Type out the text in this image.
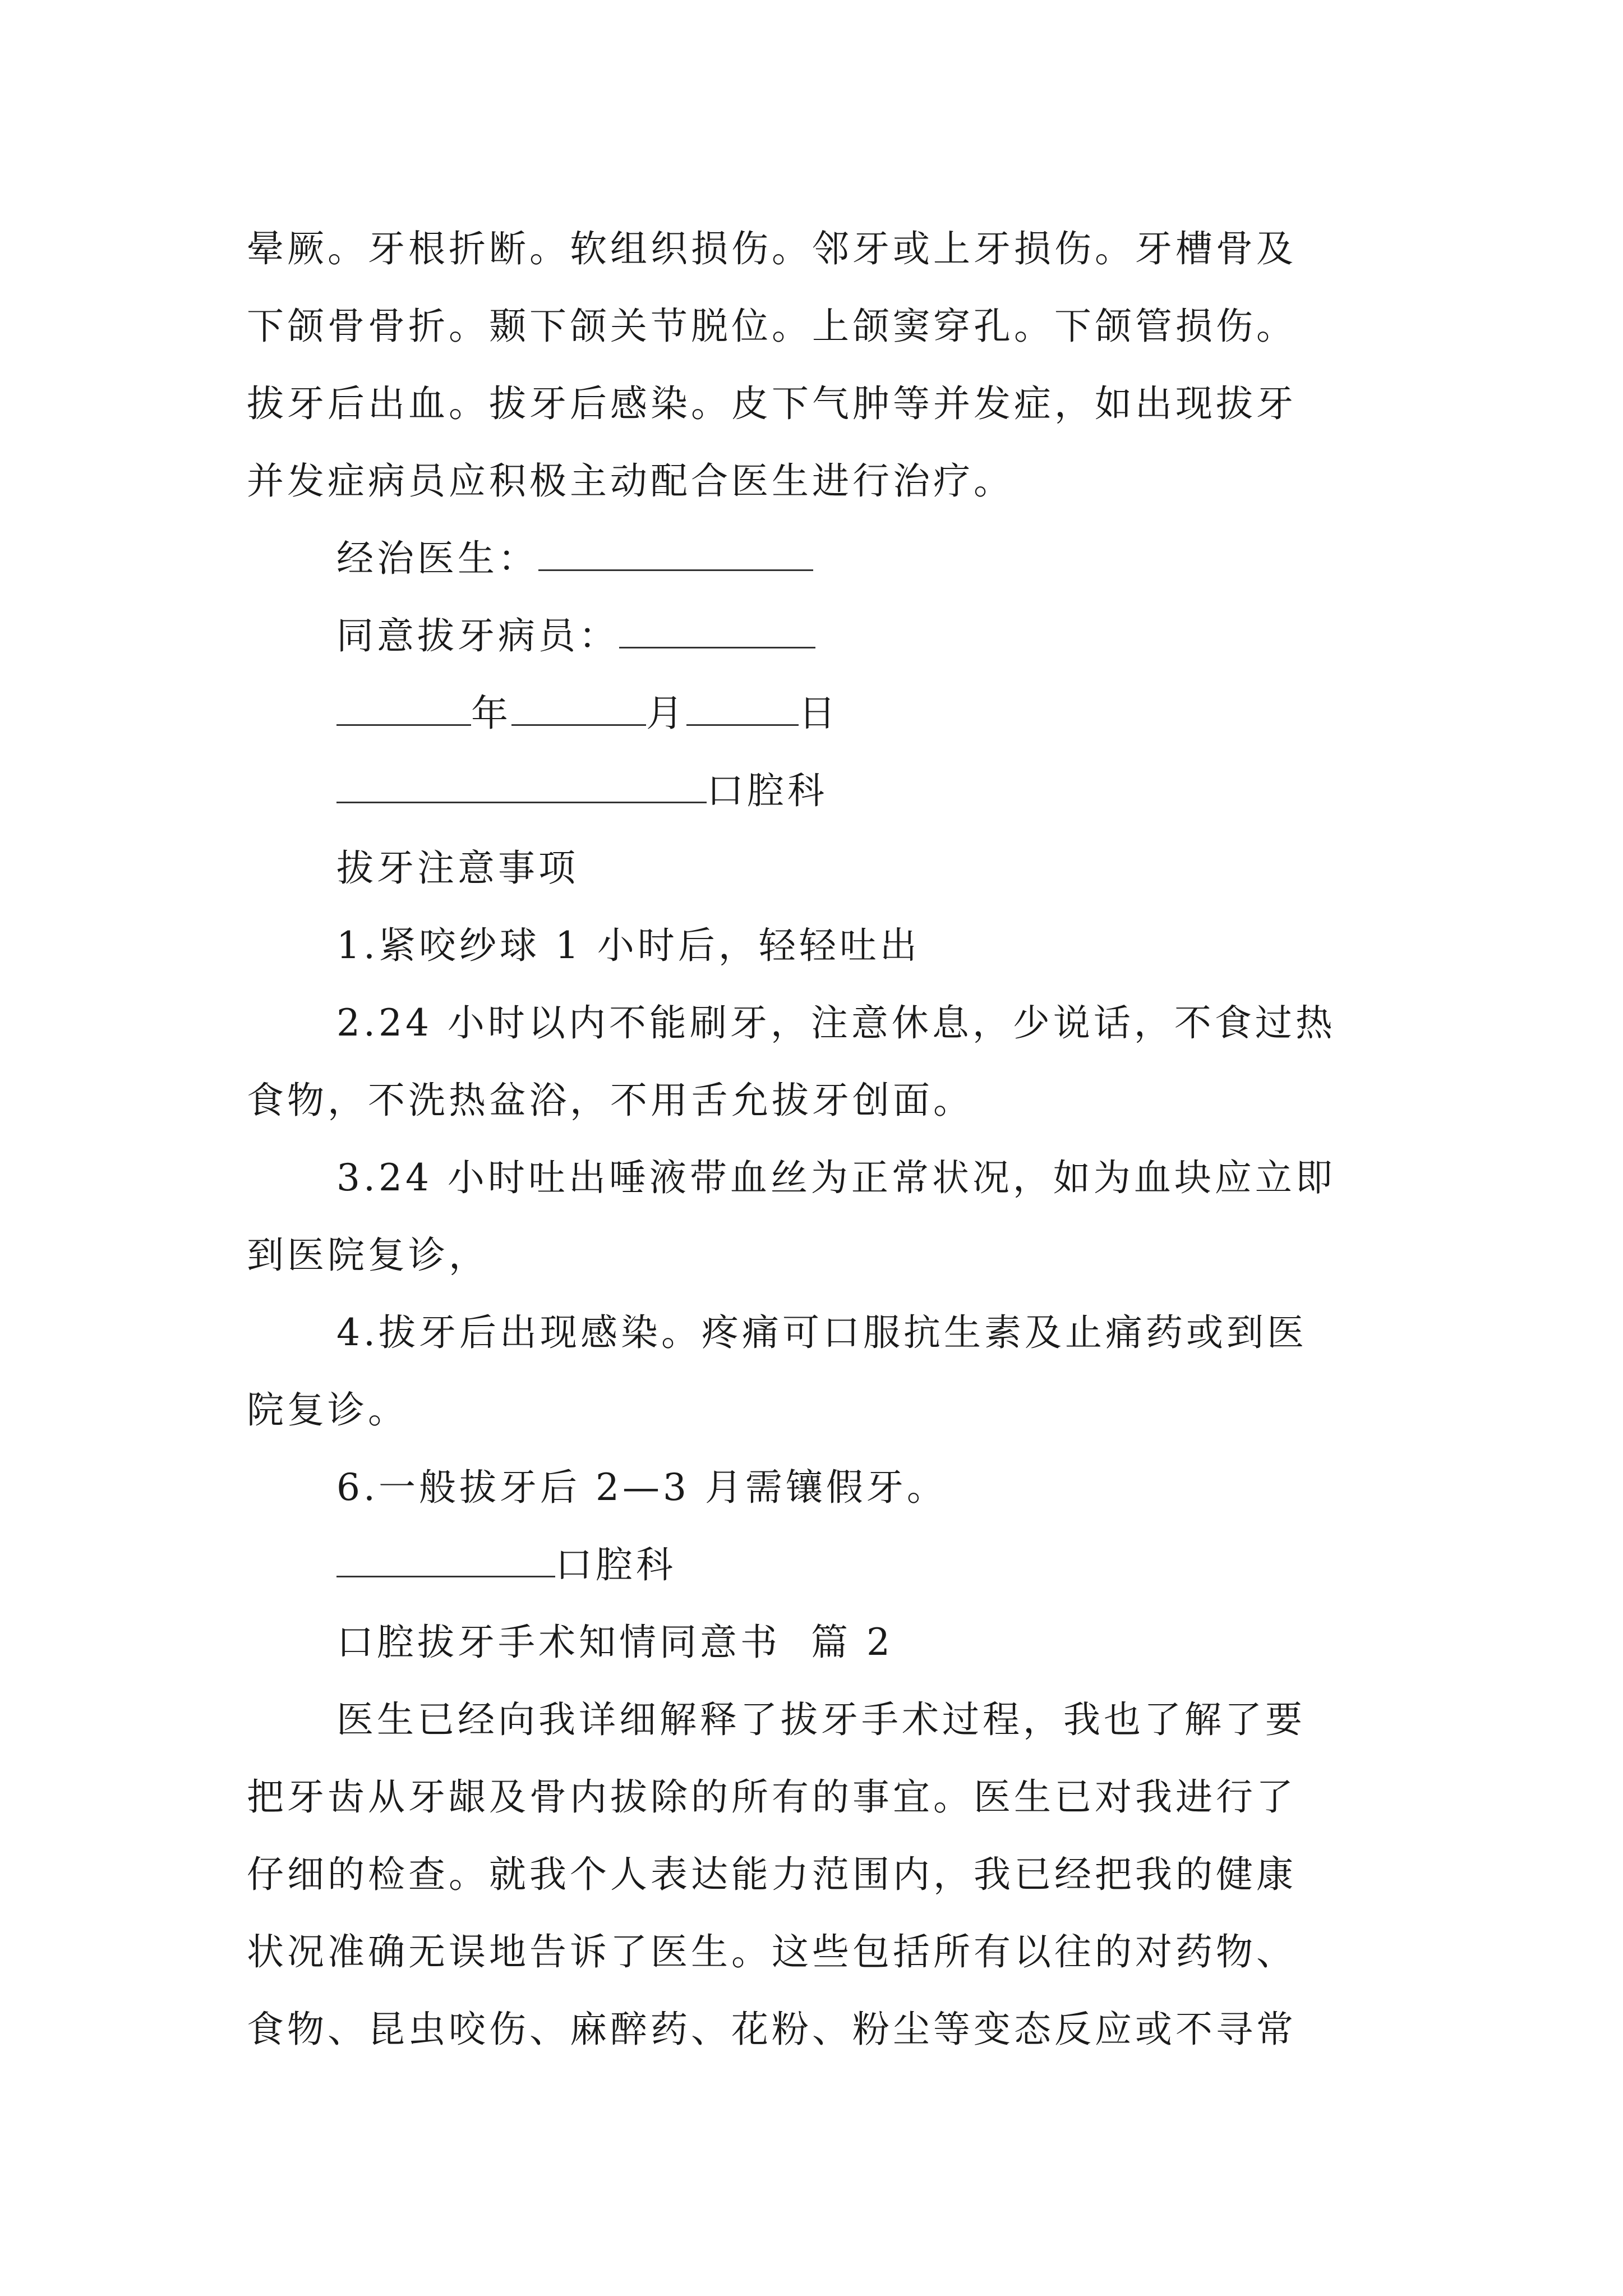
晕厥。牙根折断。软组织损伤。邻牙或上牙损伤。牙槽骨及
下颌骨骨折。颞下颌关节脱位。上颌窦穿孔。下颌管损伤。
拔牙后出血。拔牙后感染。皮下气肿等并发症，如出现拔牙
并发症病员应积极主动配合医生进行治疗。
经治医生：
同意拔牙病员：
年	月	日
口腔科
拔牙注意事项
1.紧咬纱球 1 小时后，轻轻吐出
2.24 小时以内不能刷牙，注意休息，少说话，不食过热
食物，不洗热盆浴，不用舌允拔牙创面。
3.24 小时吐出唾液带血丝为正常状况，如为血块应立即
到医院复诊，
4.拔牙后出现感染。疼痛可口服抗生素及止痛药或到医
院复诊。
6.一般拔牙后 2—3 月需镶假牙。
口腔科
口腔拔牙手术知情同意书  篇 2
医生已经向我详细解释了拔牙手术过程，我也了解了要
把牙齿从牙龈及骨内拔除的所有的事宜。医生已对我进行了
仔细的检查。就我个人表达能力范围内，我已经把我的健康
状况准确无误地告诉了医生。这些包括所有以往的对药物、
食物、昆虫咬伤、麻醉药、花粉、粉尘等变态反应或不寻常
